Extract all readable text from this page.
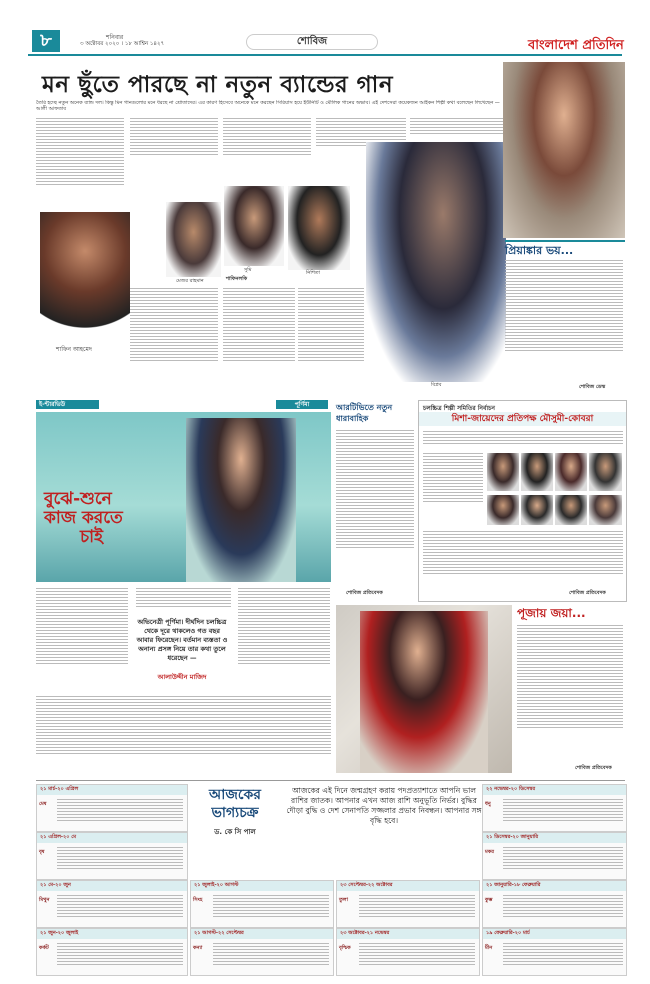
৮	শনিবার
৩ অক্টোবর ২০২০ । ১৮ আশ্বিন ১৪২৭	শোবিজ	বাংলাদেশ প্রতিদিন
মন ছুঁতে পারছে না নতুন ব্যান্ডের গান
তৈরি হচ্ছে নতুন অনেক ব্যান্ড দল। কিন্তু মিন গানগুলোর মনে ধরছে না শ্রোতাদের। এর কারণ হিসেবে অনেকে মনে করছেন সিরিয়াস হয়ে ইউনিটি ও মৌলিক গানের অভাব। এই দেশসেরা কয়েকজন আইকন শিল্পী কথা বলেছেন লিখেছেন — আলী আফতাব
শাফিন আহমেদ
মেজর রাহমান
সুমি	নিশিতা
বিপ্লব
শাফিনলকি
প্রিয়াঙ্কার ভয়...
শোবিজ ডেস্ক
ই-ন্টারভিউ	পূর্ণিমা
বুঝে-শুনে
কাজ করতে
চাই
অভিনেত্রী পূর্ণিমা। দীর্ঘদিন চলচ্চিত্র থেকে দূরে থাকলেও গত বছর আবার ফিরেছেন। বর্তমান ব্যস্ততা ও অনান্য প্রসঙ্গ নিয়ে তার কথা তুলে ধরেছেন —
আলাউদ্দীন মাজিদ
আরটিভিতে নতুন
ধারাবাহিক
শোবিজ প্রতিবেদক
চলচ্চিত্র শিল্পী সমিতির নির্বাচন
মিশা-জায়েদের প্রতিপক্ষ মৌসুমী-কোবরা
শোবিজ প্রতিবেদক
পূজায় জয়া...
শোবিজ প্রতিবেদক
২১ মার্চ-২০ এপ্রিল
মেষ
২১ এপ্রিল-২০ মে
বৃষ
২১ মে-২০ জুন
মিথুন
২১ জুন-২০ জুলাই
কর্কট
আজকের
ভাগ্যচক্র
ড. কে সি পাল
আজকের এই দিনে জন্মগ্রহণ করায় পদপ্রত্যাশাতে আপনি ভাল রাশির জাতক। আপনার এখন আজ রাশি অনুভূতি নির্ভর। বুদ্ধির দৌড়া বুদ্ধি ও দেশ সেনাপতি সজ্জলার প্রভাব নিবন্ধন। আপনার সঙ্গ বৃদ্ধি হবে।
২১ জুলাই-২০ আগস্ট
সিংহ
২১ আগস্ট-২২ সেপ্টেম্বর
কন্যা
২৩ সেপ্টেম্বর-২২ অক্টোবর
তুলা
২৩ অক্টোবর-২১ নভেম্বর
বৃশ্চিক
২২ নভেম্বর-২০ ডিসেম্বর
ধনু
২১ ডিসেম্বর-২০ জানুয়ারি
মকর
২১ জানুয়ারি-১৮ ফেব্রুয়ারি
কুম্ভ
১৯ ফেব্রুয়ারি-২০ মার্চ
মীন
